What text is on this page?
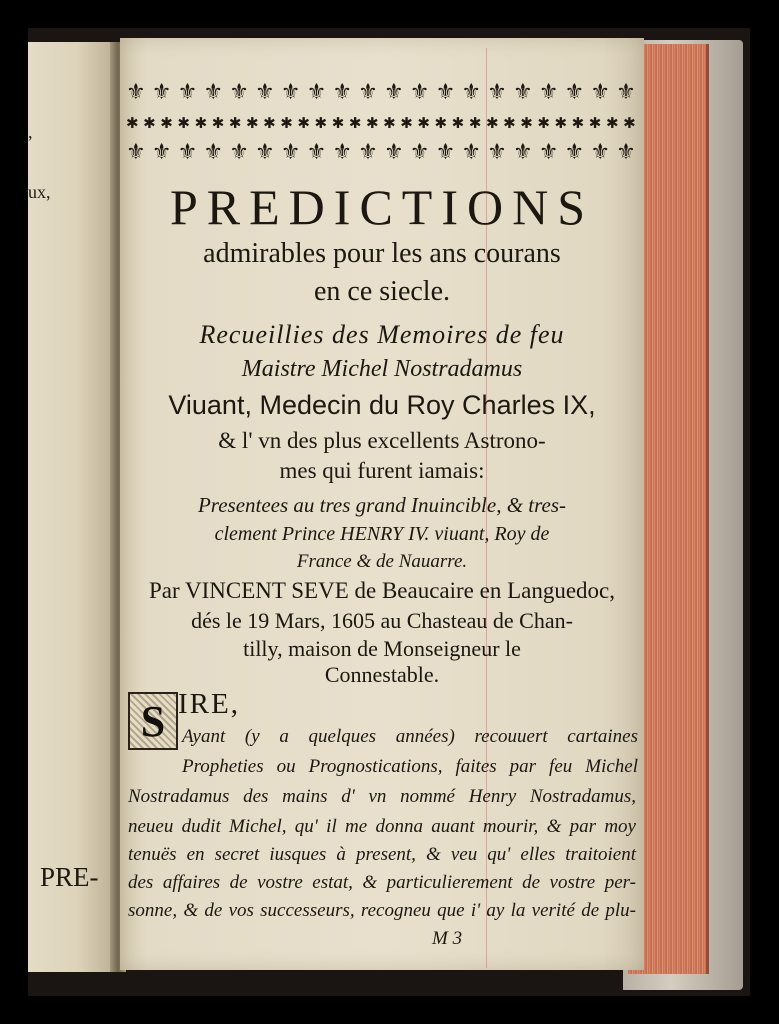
,
ux,
PRE-
⚜ ⚜ ⚜ ⚜ ⚜ ⚜ ⚜ ⚜ ⚜ ⚜ ⚜ ⚜ ⚜ ⚜ ⚜ ⚜ ⚜ ⚜ ⚜ ⚜
✱ ✱ ✱ ✱ ✱ ✱ ✱ ✱ ✱ ✱ ✱ ✱ ✱ ✱ ✱ ✱ ✱ ✱ ✱ ✱ ✱ ✱ ✱ ✱ ✱ ✱ ✱ ✱ ✱ ✱
⚜ ⚜ ⚜ ⚜ ⚜ ⚜ ⚜ ⚜ ⚜ ⚜ ⚜ ⚜ ⚜ ⚜ ⚜ ⚜ ⚜ ⚜ ⚜ ⚜
PREDICTIONS
admirables pour les ans courans
en ce siecle.
Recueillies des Memoires de feu
Maistre Michel Nostradamus
Viuant, Medecin du Roy Charles IX,
& l' vn des plus excellents Astrono-
mes qui furent iamais:
Presentees au tres grand Inuincible, & tres-
clement Prince HENRY IV. viuant, Roy de
France & de Nauarre.
Par VINCENT SEVE de Beaucaire en Languedoc,
dés le 19 Mars, 1605 au Chasteau de Chan-
tilly, maison de Monseigneur le
Connestable.
S IRE,
Ayant (y a quelques années) recouuert cartaines
Propheties ou Prognostications, faites par feu Michel
Nostradamus des mains d' vn nommé Henry Nostradamus,
neueu dudit Michel, qu' il me donna auant mourir, & par moy
tenuës en secret iusques à present, & veu qu' elles traitoient
des affaires de vostre estat, & particulierement de vostre per-
sonne, & de vos successeurs, recogneu que i' ay la verité de plu-
M 3
